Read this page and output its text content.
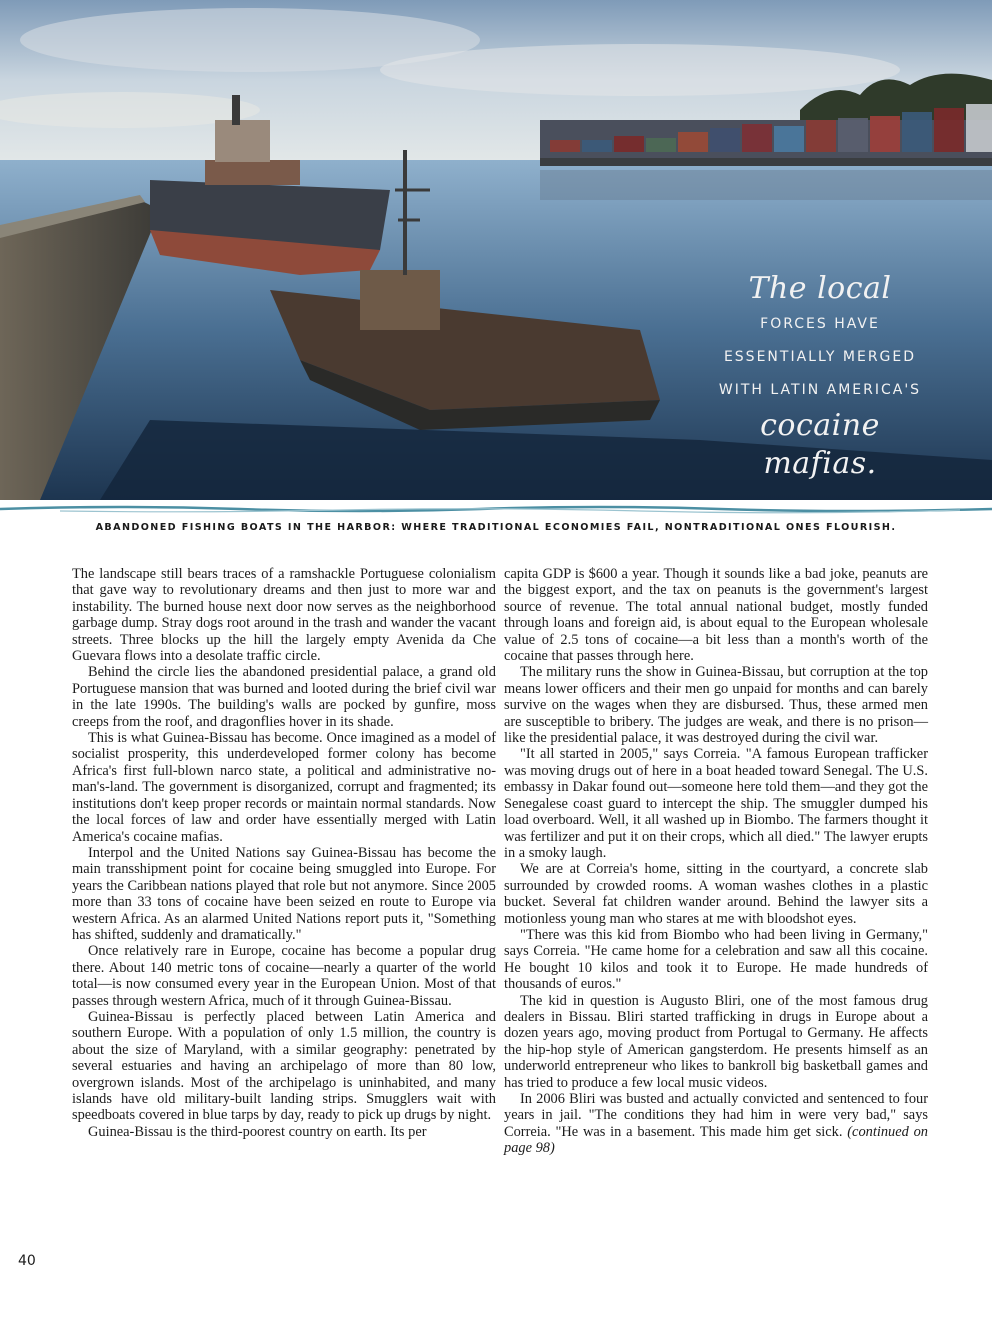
The local
FORCES HAVE
ESSENTIALLY MERGED
WITH LATIN AMERICA'S
cocaine mafias.
ABANDONED FISHING BOATS IN THE HARBOR: WHERE TRADITIONAL ECONOMIES FAIL, NONTRADITIONAL ONES FLOURISH.

The landscape still bears traces of a ramshackle Portuguese colonialism that gave way to revolutionary dreams and then just to more war and instability. The burned house next door now serves as the neighborhood garbage dump. Stray dogs root around in the trash and wander the vacant streets. Three blocks up the hill the largely empty Avenida da Che Guevara flows into a desolate traffic circle.

Behind the circle lies the abandoned presidential palace, a grand old Portuguese mansion that was burned and looted during the brief civil war in the late 1990s. The building's walls are pocked by gunfire, moss creeps from the roof, and dragonflies hover in its shade.

This is what Guinea-Bissau has become. Once imagined as a model of socialist prosperity, this underdeveloped former colony has become Africa's first full-blown narco state, a political and administrative no-man's-land. The government is disorganized, corrupt and fragmented; its institutions don't keep proper records or maintain normal standards. Now the local forces of law and order have essentially merged with Latin America's cocaine mafias.

Interpol and the United Nations say Guinea-Bissau has become the main transshipment point for cocaine being smuggled into Europe. For years the Caribbean nations played that role but not anymore. Since 2005 more than 33 tons of cocaine have been seized en route to Europe via western Africa. As an alarmed United Nations report puts it, "Something has shifted, suddenly and dramatically."

Once relatively rare in Europe, cocaine has become a popular drug there. About 140 metric tons of cocaine—nearly a quarter of the world total—is now consumed every year in the European Union. Most of that passes through western Africa, much of it through Guinea-Bissau.

Guinea-Bissau is perfectly placed between Latin America and southern Europe. With a population of only 1.5 million, the country is about the size of Maryland, with a similar geography: penetrated by several estuaries and having an archipelago of more than 80 low, overgrown islands. Most of the archipelago is uninhabited, and many islands have old military-built landing strips. Smugglers wait with speedboats covered in blue tarps by day, ready to pick up drugs by night.

Guinea-Bissau is the third-poorest country on earth. Its per

capita GDP is $600 a year. Though it sounds like a bad joke, peanuts are the biggest export, and the tax on peanuts is the government's largest source of revenue. The total annual national budget, mostly funded through loans and foreign aid, is about equal to the European wholesale value of 2.5 tons of cocaine—a bit less than a month's worth of the cocaine that passes through here.

The military runs the show in Guinea-Bissau, but corruption at the top means lower officers and their men go unpaid for months and can barely survive on the wages when they are disbursed. Thus, these armed men are susceptible to bribery. The judges are weak, and there is no prison—like the presidential palace, it was destroyed during the civil war.

"It all started in 2005," says Correia. "A famous European trafficker was moving drugs out of here in a boat headed toward Senegal. The U.S. embassy in Dakar found out—someone here told them—and they got the Senegalese coast guard to intercept the ship. The smuggler dumped his load overboard. Well, it all washed up in Biombo. The farmers thought it was fertilizer and put it on their crops, which all died." The lawyer erupts in a smoky laugh.

We are at Correia's home, sitting in the courtyard, a concrete slab surrounded by crowded rooms. A woman washes clothes in a plastic bucket. Several fat children wander around. Behind the lawyer sits a motionless young man who stares at me with bloodshot eyes.

"There was this kid from Biombo who had been living in Germany," says Correia. "He came home for a celebration and saw all this cocaine. He bought 10 kilos and took it to Europe. He made hundreds of thousands of euros."

The kid in question is Augusto Bliri, one of the most famous drug dealers in Bissau. Bliri started trafficking in drugs in Europe about a dozen years ago, moving product from Portugal to Germany. He affects the hip-hop style of American gangsterdom. He presents himself as an underworld entrepreneur who likes to bankroll big basketball games and has tried to produce a few local music videos.

In 2006 Bliri was busted and actually convicted and sentenced to four years in jail. "The conditions they had him in were very bad," says Correia. "He was in a basement. This made him get sick. (continued on page 98)

40
